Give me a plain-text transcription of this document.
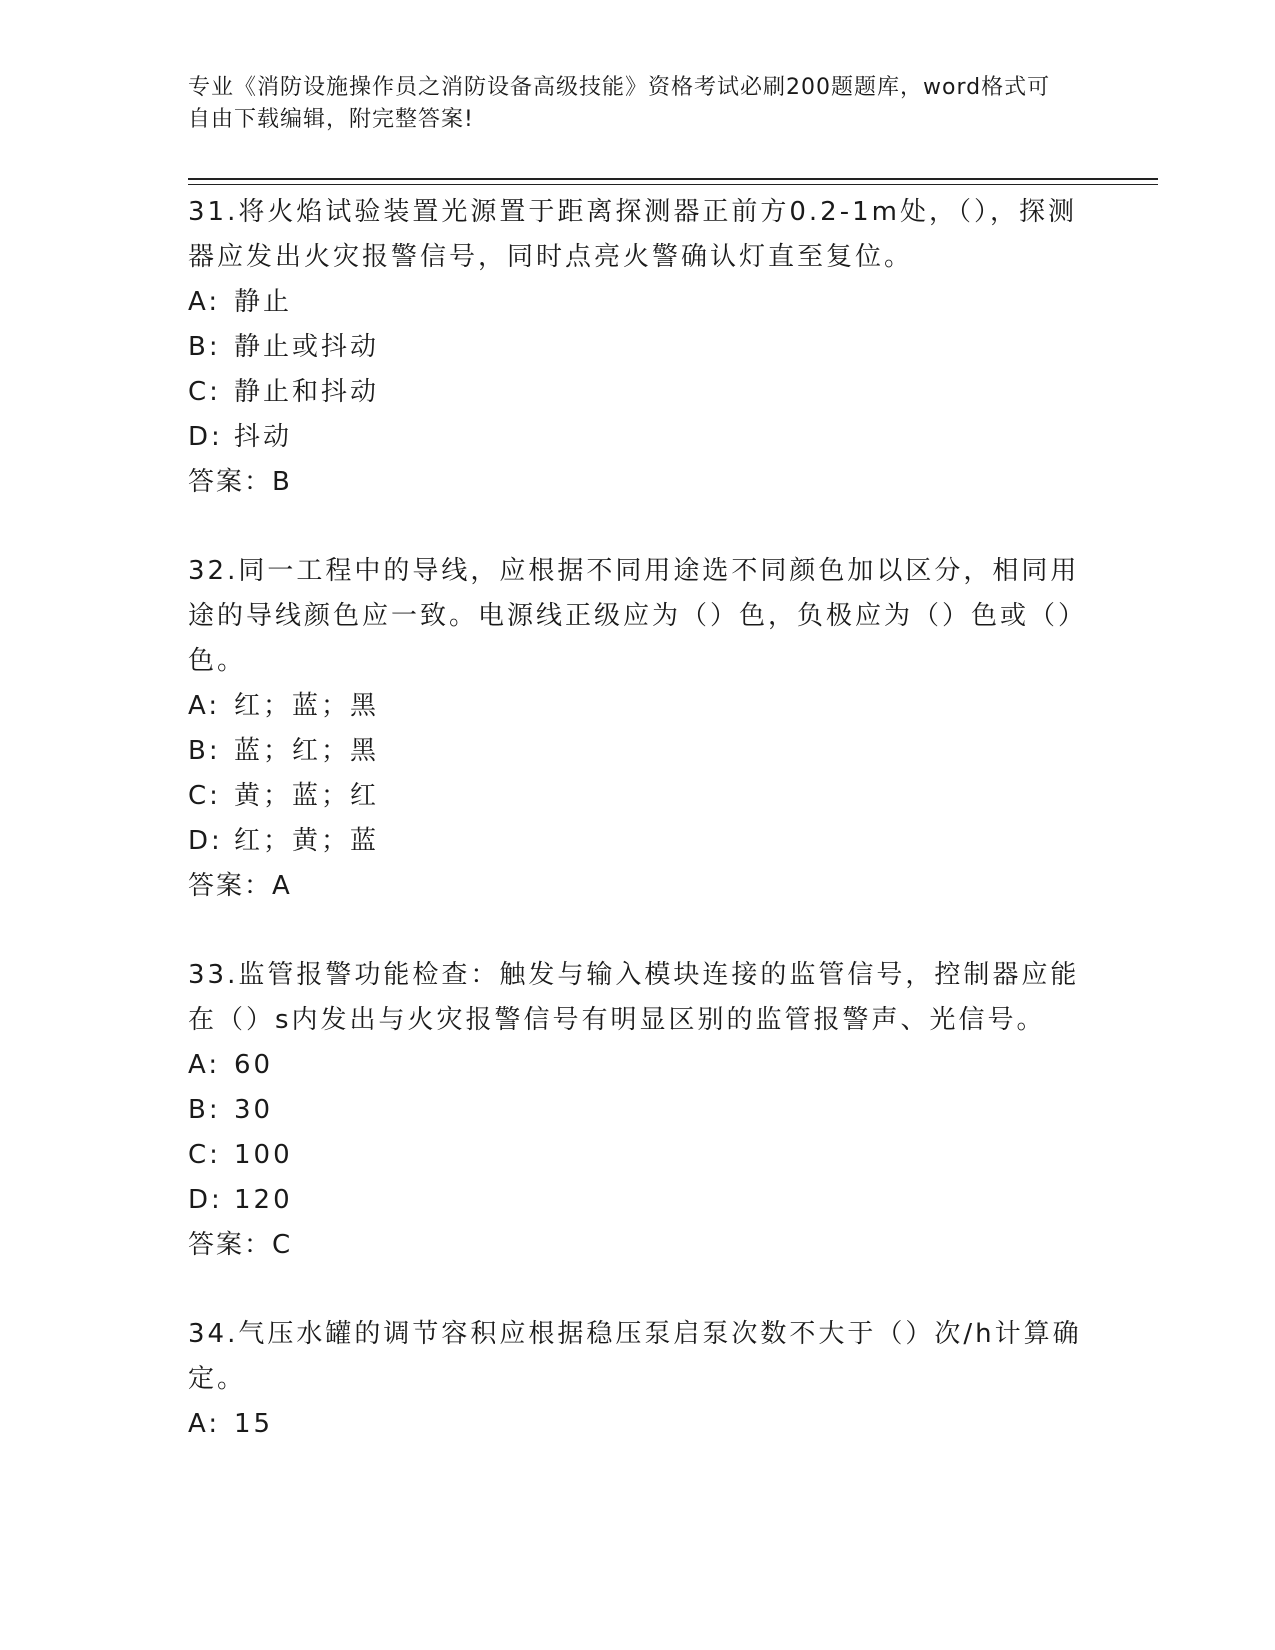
专业《消防设施操作员之消防设备高级技能》资格考试必刷200题题库，word格式可自由下载编辑，附完整答案!
31.将火焰试验装置光源置于距离探测器正前方0.2-1m处，（），探测器应发出火灾报警信号，同时点亮火警确认灯直至复位。
A: 静止
B: 静止或抖动
C: 静止和抖动
D: 抖动
答案：B
32.同一工程中的导线，应根据不同用途选不同颜色加以区分，相同用途的导线颜色应一致。电源线正级应为（）色，负极应为（）色或（）色。
A: 红；蓝；黑
B: 蓝；红；黑
C: 黄；蓝；红
D: 红；黄；蓝
答案：A
33.监管报警功能检查：触发与输入模块连接的监管信号，控制器应能在（）s内发出与火灾报警信号有明显区别的监管报警声、光信号。
A: 60
B: 30
C: 100
D: 120
答案：C
34.气压水罐的调节容积应根据稳压泵启泵次数不大于（）次/h计算确定。
A: 15
